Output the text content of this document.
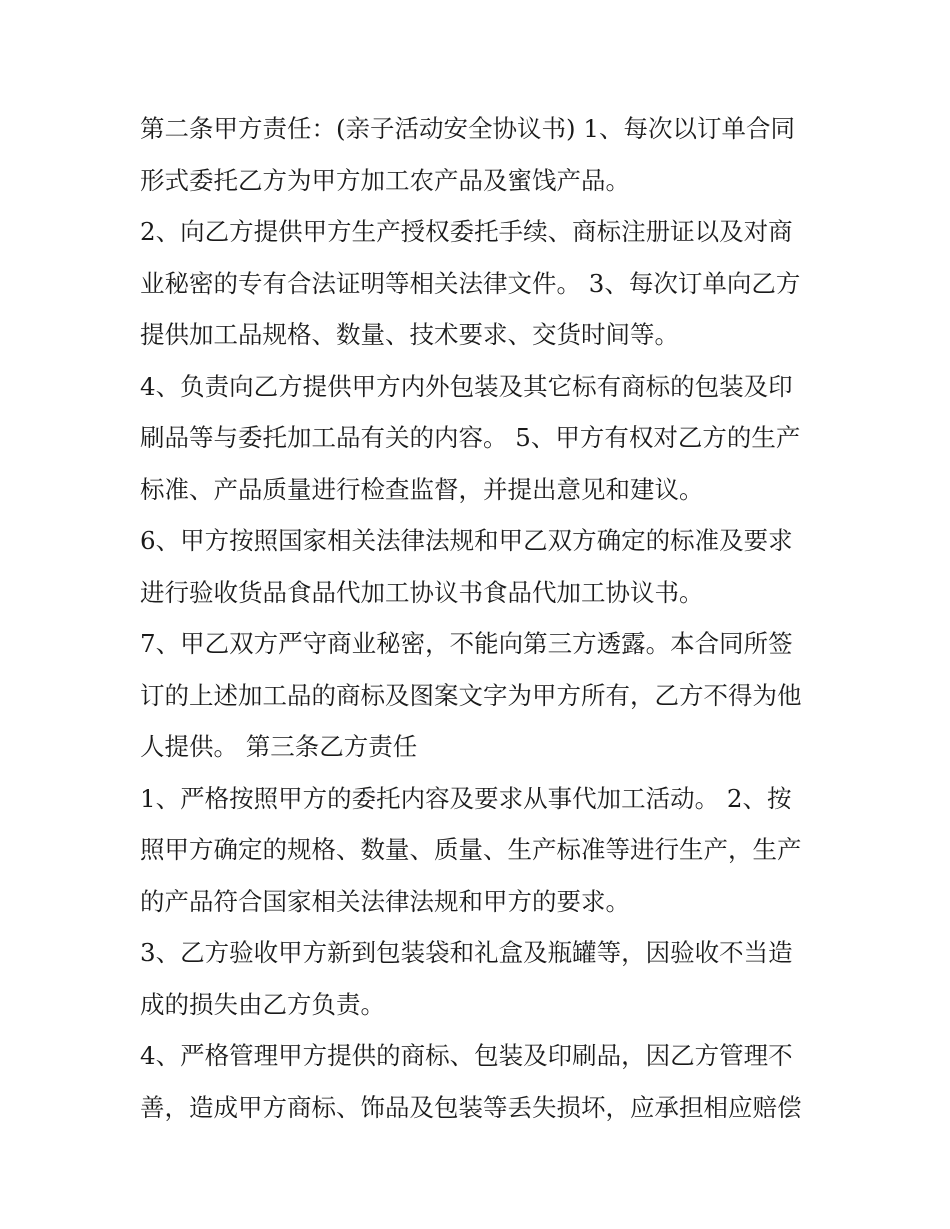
第二条甲方责任：(亲子活动安全协议书) 1、每次以订单合同
形式委托乙方为甲方加工农产品及蜜饯产品。
2、向乙方提供甲方生产授权委托手续、商标注册证以及对商
业秘密的专有合法证明等相关法律文件。 3、每次订单向乙方
提供加工品规格、数量、技术要求、交货时间等。
4、负责向乙方提供甲方内外包装及其它标有商标的包装及印
刷品等与委托加工品有关的内容。 5、甲方有权对乙方的生产
标准、产品质量进行检查监督，并提出意见和建议。
6、甲方按照国家相关法律法规和甲乙双方确定的标准及要求
进行验收货品食品代加工协议书食品代加工协议书。
7、甲乙双方严守商业秘密，不能向第三方透露。本合同所签
订的上述加工品的商标及图案文字为甲方所有，乙方不得为他
人提供。 第三条乙方责任
1、严格按照甲方的委托内容及要求从事代加工活动。 2、按
照甲方确定的规格、数量、质量、生产标准等进行生产，生产
的产品符合国家相关法律法规和甲方的要求。
3、乙方验收甲方新到包装袋和礼盒及瓶罐等，因验收不当造
成的损失由乙方负责。
4、严格管理甲方提供的商标、包装及印刷品，因乙方管理不
善，造成甲方商标、饰品及包装等丢失损坏，应承担相应赔偿
